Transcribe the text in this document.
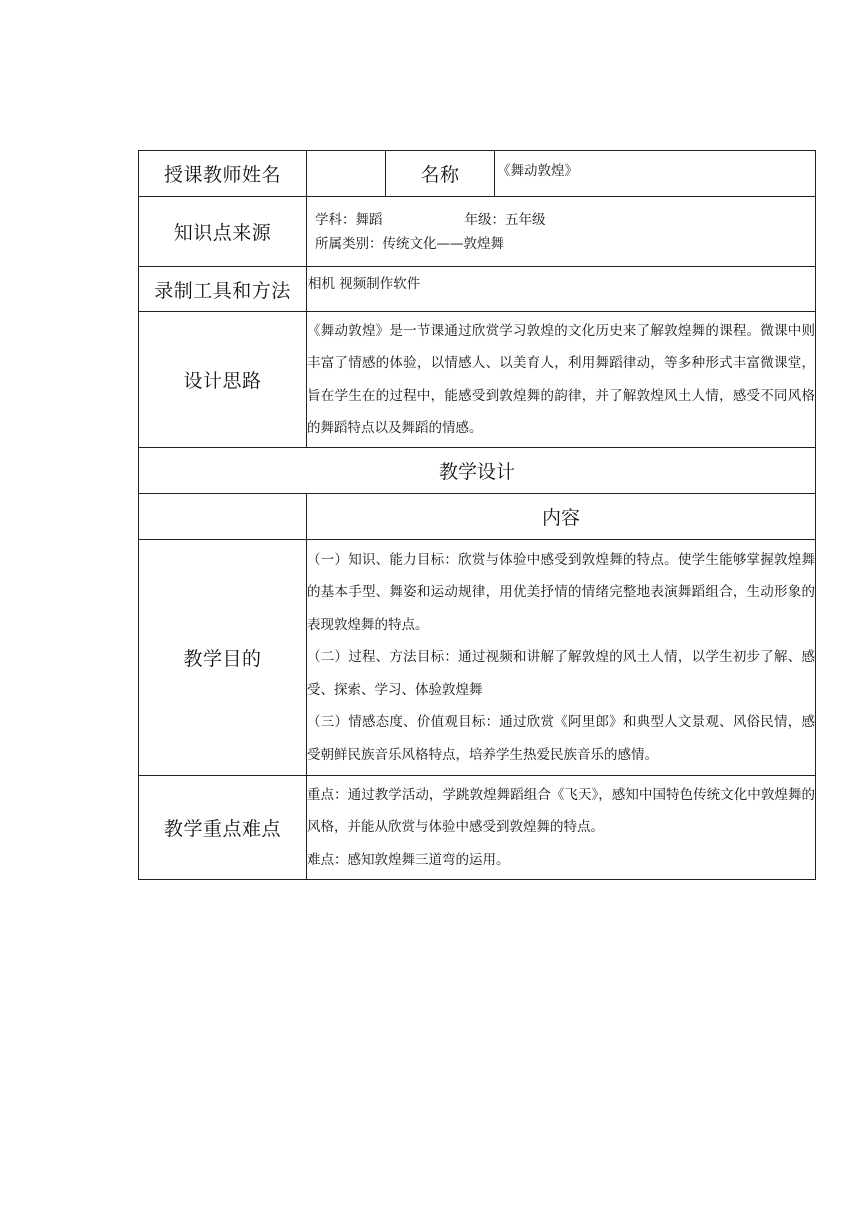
授课教师姓名		名称	《舞动敦煌》
知识点来源	学科：舞蹈 年级：五年级
所属类别：传统文化——敦煌舞		

录制工具和方法	相机 视频制作软件		
设计思路	《舞动敦煌》是一节课通过欣赏学习敦煌的文化历史来了解敦煌舞的课程。微课中则丰富了情感的体验，以情感人、以美育人，利用舞蹈律动，等多种形式丰富微课堂，旨在学生在的过程中，能感受到敦煌舞的韵律，并了解敦煌风土人情，感受不同风格的舞蹈特点以及舞蹈的情感。		
教学设计			
	内容		
教学目的	（一）知识、能力目标：欣赏与体验中感受到敦煌舞的特点。使学生能够掌握敦煌舞的基本手型、舞姿和运动规律，用优美抒情的情绪完整地表演舞蹈组合，生动形象的表现敦煌舞的特点。

（二）过程、方法目标：通过视频和讲解了解敦煌的风土人情，以学生初步了解、感受、探索、学习、体验敦煌舞

（三）情感态度、价值观目标：通过欣赏《阿里郎》和典型人文景观、风俗民情，感受朝鲜民族音乐风格特点，培养学生热爱民族音乐的感情。		

教学重点难点	重点：通过教学活动，学跳敦煌舞蹈组合《飞天》，感知中国特色传统文化中敦煌舞的风格，并能从欣赏与体验中感受到敦煌舞的特点。

难点：感知敦煌舞三道弯的运用。		
